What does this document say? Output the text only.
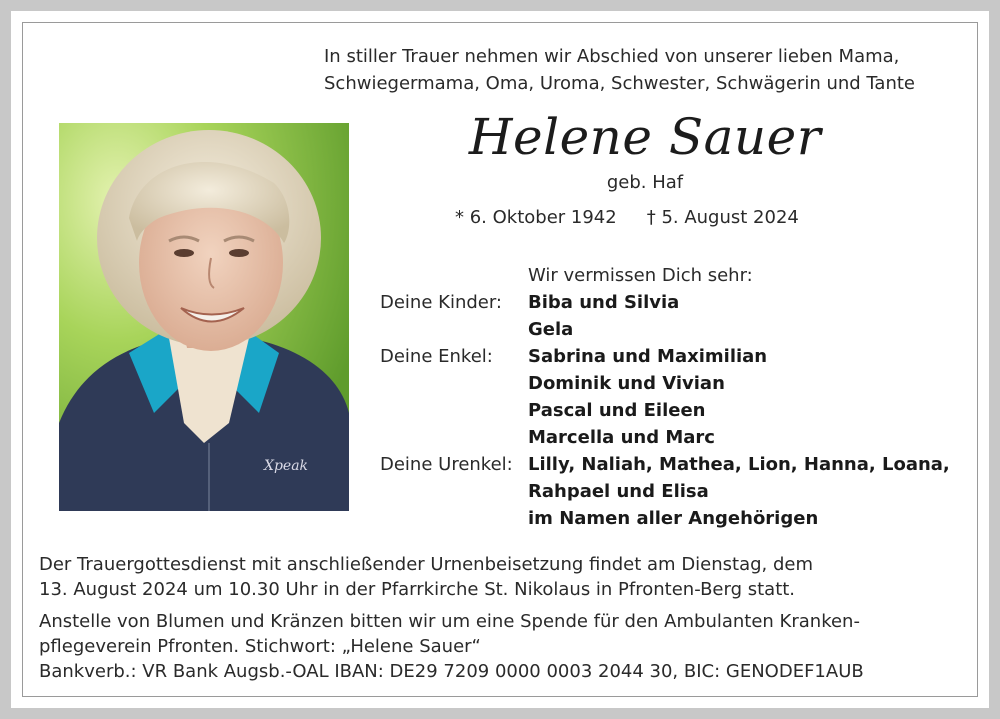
In stiller Trauer nehmen wir Abschied von unserer lieben Mama,
Schwiegermama, Oma, Uroma, Schwester, Schwägerin und Tante
Xpeak
Helene Sauer
geb. Haf
* 6. Oktober 1942 † 5. August 2024
Wir vermissen Dich sehr:
Deine Kinder:	Biba und Silvia
Gela
Deine Enkel:	Sabrina und Maximilian
Dominik und Vivian
Pascal und Eileen
Marcella und Marc
Deine Urenkel: Lilly, Naliah, Mathea, Lion, Hanna, Loana,
Rahpael und Elisa
im Namen aller Angehörigen
Der Trauergottesdienst mit anschließender Urnenbeisetzung findet am Dienstag, dem
13. August 2024 um 10.30 Uhr in der Pfarrkirche St. Nikolaus in Pfronten-Berg statt.
Anstelle von Blumen und Kränzen bitten wir um eine Spende für den Ambulanten Kranken-
pflegeverein Pfronten. Stichwort: „Helene Sauer“
Bankverb.: VR Bank Augsb.-OAL IBAN: DE29 7209 0000 0003 2044 30, BIC: GENODEF1AUB
